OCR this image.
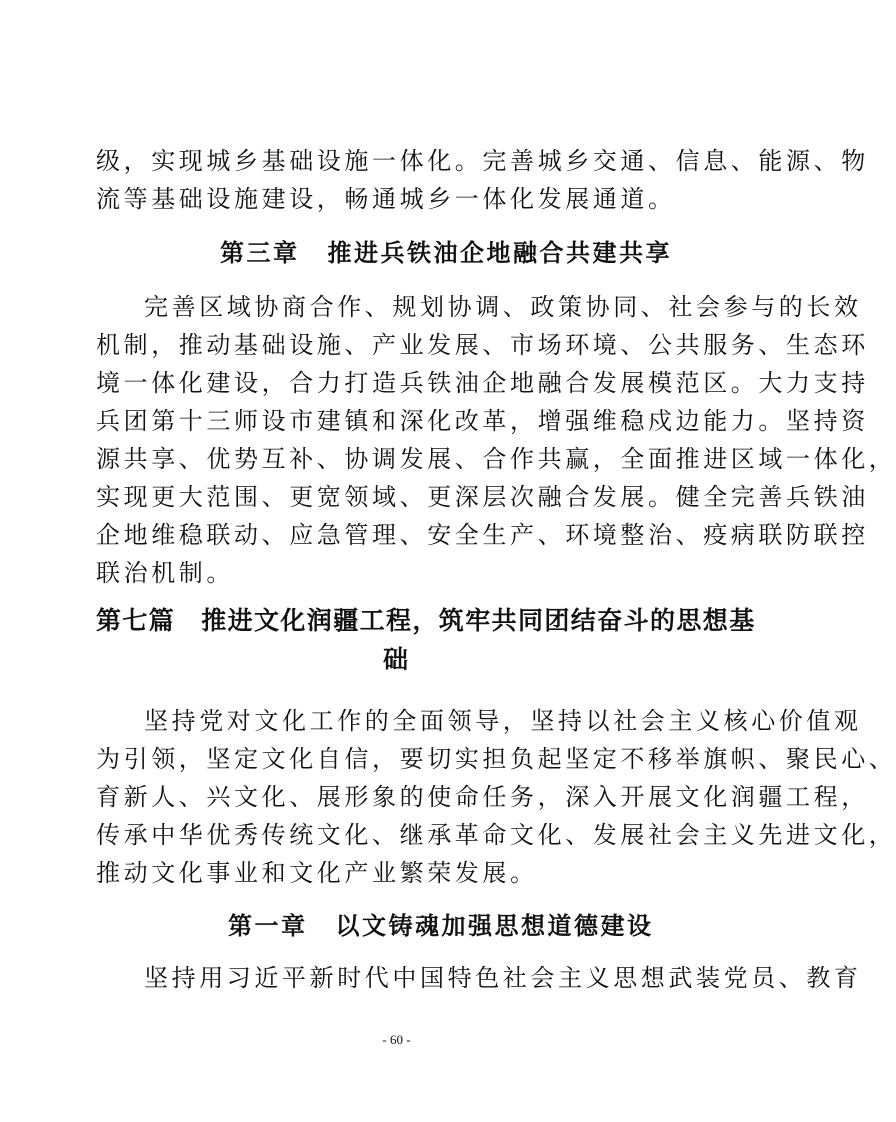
级，实现城乡基础设施一体化。完善城乡交通、信息、能源、物
流等基础设施建设，畅通城乡一体化发展通道。
第三章 推进兵铁油企地融合共建共享
完善区域协商合作、规划协调、政策协同、社会参与的长效
机制，推动基础设施、产业发展、市场环境、公共服务、生态环
境一体化建设，合力打造兵铁油企地融合发展模范区。大力支持
兵团第十三师设市建镇和深化改革，增强维稳戍边能力。坚持资
源共享、优势互补、协调发展、合作共赢，全面推进区域一体化，
实现更大范围、更宽领域、更深层次融合发展。健全完善兵铁油
企地维稳联动、应急管理、安全生产、环境整治、疫病联防联控
联治机制。
第七篇 推进文化润疆工程，筑牢共同团结奋斗的思想基
础
坚持党对文化工作的全面领导，坚持以社会主义核心价值观
为引领，坚定文化自信，要切实担负起坚定不移举旗帜、聚民心、
育新人、兴文化、展形象的使命任务，深入开展文化润疆工程，
传承中华优秀传统文化、继承革命文化、发展社会主义先进文化，
推动文化事业和文化产业繁荣发展。
第一章 以文铸魂加强思想道德建设
坚持用习近平新时代中国特色社会主义思想武装党员、教育
- 60 -
